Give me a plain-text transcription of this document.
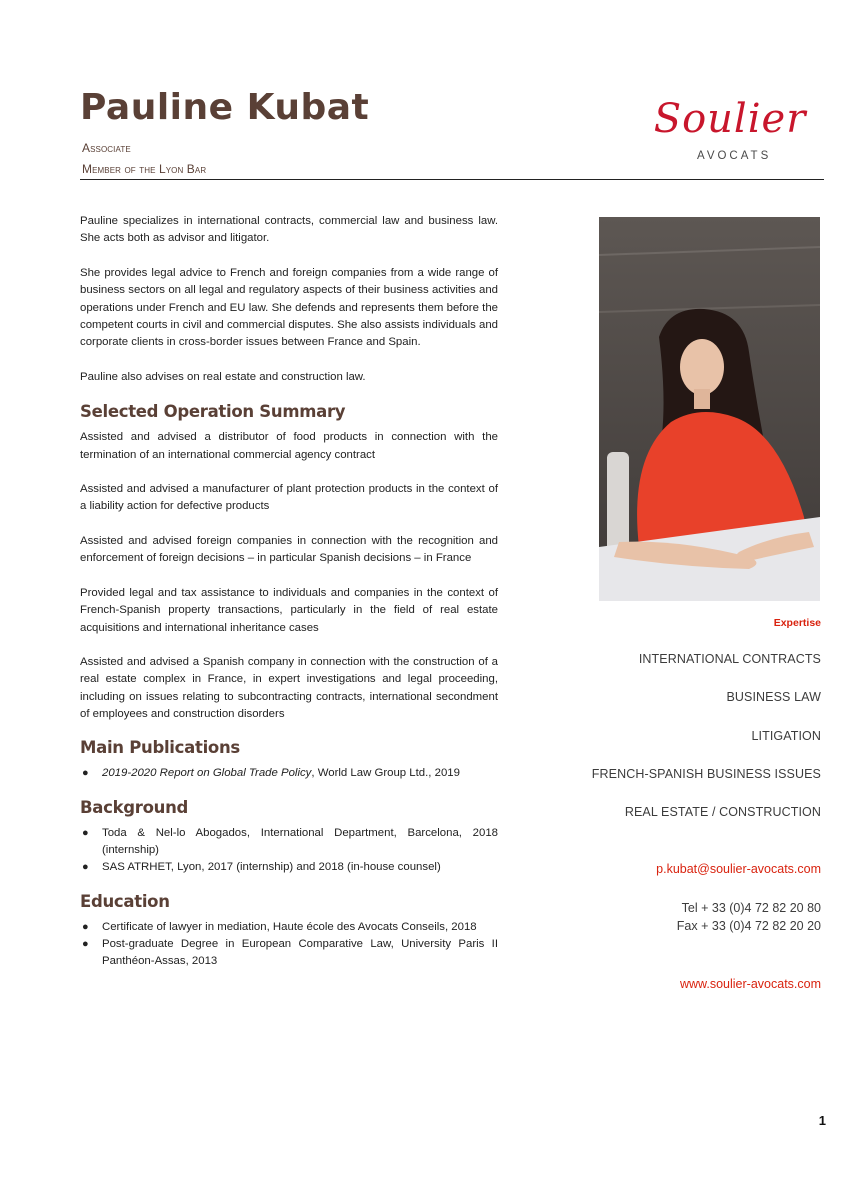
Pauline Kubat
Associate
Member of the Lyon Bar
Soulier
AVOCATS

Pauline specializes in international contracts, commercial law and business law. She acts both as advisor and litigator.

She provides legal advice to French and foreign companies from a wide range of business sectors on all legal and regulatory aspects of their business activities and operations under French and EU law. She defends and represents them before the competent courts in civil and commercial disputes. She also assists individuals and corporate clients in cross-border issues between France and Spain.

Pauline also advises on real estate and construction law.

Selected Operation Summary

Assisted and advised a distributor of food products in connection with the termination of an international commercial agency contract

Assisted and advised a manufacturer of plant protection products in the context of a liability action for defective products

Assisted and advised foreign companies in connection with the recognition and enforcement of foreign decisions – in particular Spanish decisions – in France

Provided legal and tax assistance to individuals and companies in the context of French-Spanish property transactions, particularly in the field of real estate acquisitions and international inheritance cases

Assisted and advised a Spanish company in connection with the construction of a real estate complex in France, in expert investigations and legal proceeding, including on issues relating to subcontracting contracts, international secondment of employees and construction disorders

Main Publications
● 2019-2020 Report on Global Trade Policy, World Law Group Ltd., 2019
Background
● Toda & Nel-lo Abogados, International Department, Barcelona, 2018 (internship)
● SAS ATRHET, Lyon, 2017 (internship) and 2018 (in-house counsel)
Education
● Certificate of lawyer in mediation, Haute école des Avocats Conseils, 2018
● Post-graduate Degree in European Comparative Law, University Paris II Panthéon-Assas, 2013
Expertise
INTERNATIONAL CONTRACTS
BUSINESS LAW
LITIGATION
FRENCH-SPANISH BUSINESS ISSUES
REAL ESTATE / CONSTRUCTION
p.kubat@soulier-avocats.com
Tel + 33 (0)4 72 82 20 80
Fax + 33 (0)4 72 82 20 20
www.soulier-avocats.com
1
